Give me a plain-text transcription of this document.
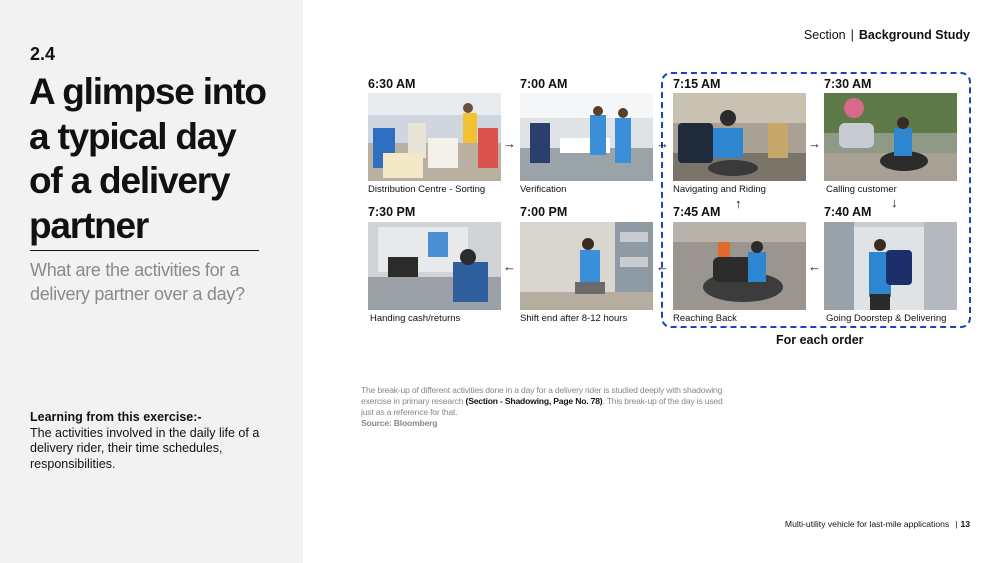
2.4
A glimpse into
a typical day
of a delivery
partner
What are the activities for a delivery partner over a day?
Learning from this exercise:-
The activities involved in the daily life of a delivery rider, their time schedules, responsibilities.
Section | Background Study
For each order
6:30 AM
Distribution Centre - Sorting
7:00 AM
Verification
7:15 AM
Navigating and Riding
7:30 AM
Calling customer
7:40 AM
Going Doorstep & Delivering
7:45 AM
Reaching Back
7:00 PM
Shift end after 8-12 hours
7:30 PM
Handing cash/returns
→	→	→
↓
←
←
←
↑
The break-up of different activities done in a day for a delivery rider is studied deeply with shadowing exercise in primary research (Section - Shadowing, Page No. 78). This break-up of the day is used just as a reference for that.
Source: Bloomberg
Multi-utility vehicle for last-mile applications | 13
